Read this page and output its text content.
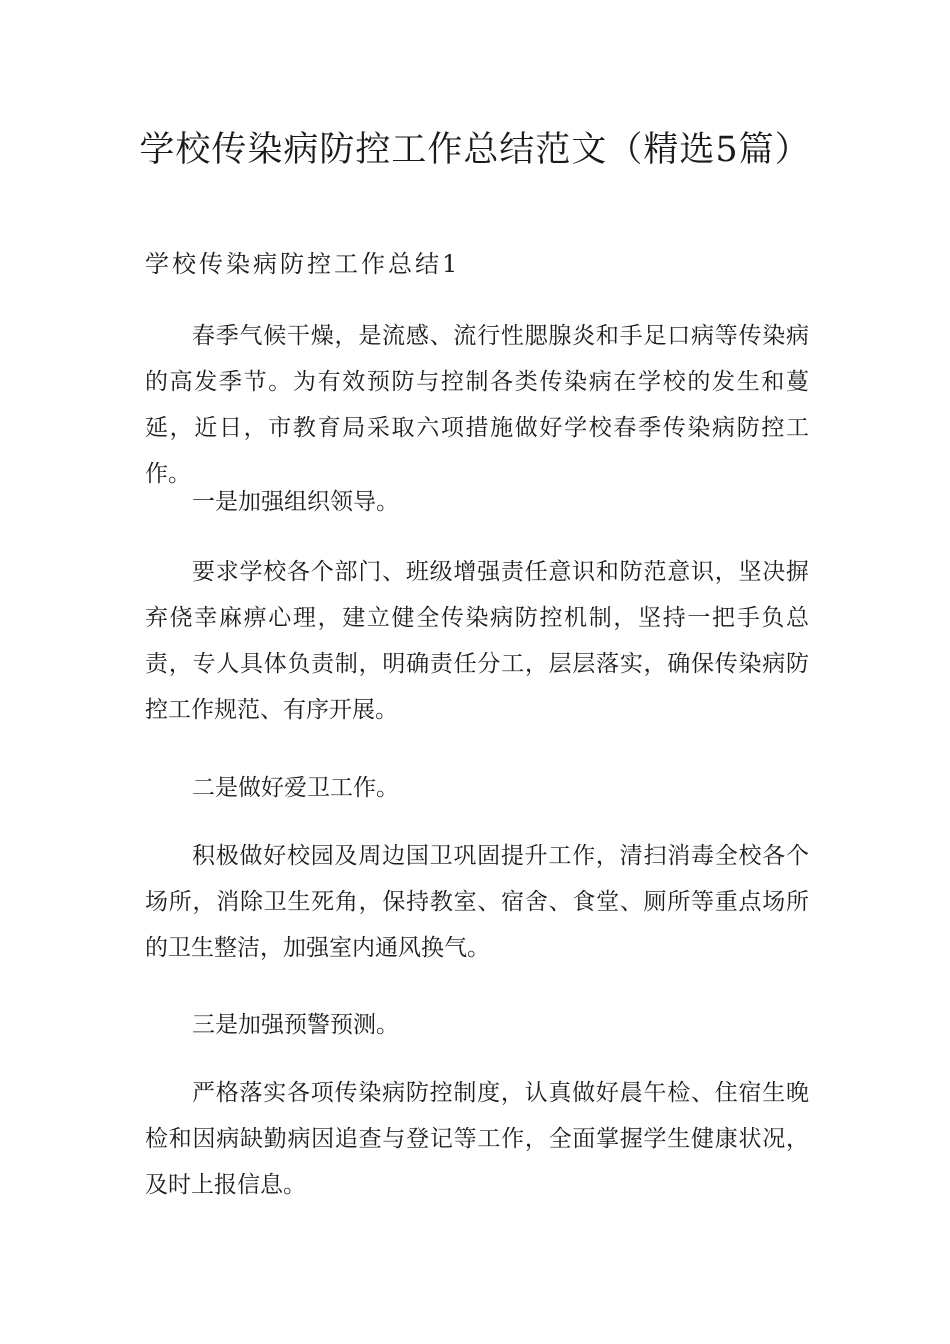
学校传染病防控工作总结范文（精选5篇）
学校传染病防控工作总结1

春季气候干燥，是流感、流行性腮腺炎和手足口病等传染病的高发季节。为有效预防与控制各类传染病在学校的发生和蔓延，近日，市教育局采取六项措施做好学校春季传染病防控工作。

一是加强组织领导。

要求学校各个部门、班级增强责任意识和防范意识，坚决摒弃侥幸麻痹心理，建立健全传染病防控机制，坚持一把手负总责，专人具体负责制，明确责任分工，层层落实，确保传染病防控工作规范、有序开展。

二是做好爱卫工作。

积极做好校园及周边国卫巩固提升工作，清扫消毒全校各个场所，消除卫生死角，保持教室、宿舍、食堂、厕所等重点场所的卫生整洁，加强室内通风换气。

三是加强预警预测。

严格落实各项传染病防控制度，认真做好晨午检、住宿生晚检和因病缺勤病因追查与登记等工作，全面掌握学生健康状况，及时上报信息。
